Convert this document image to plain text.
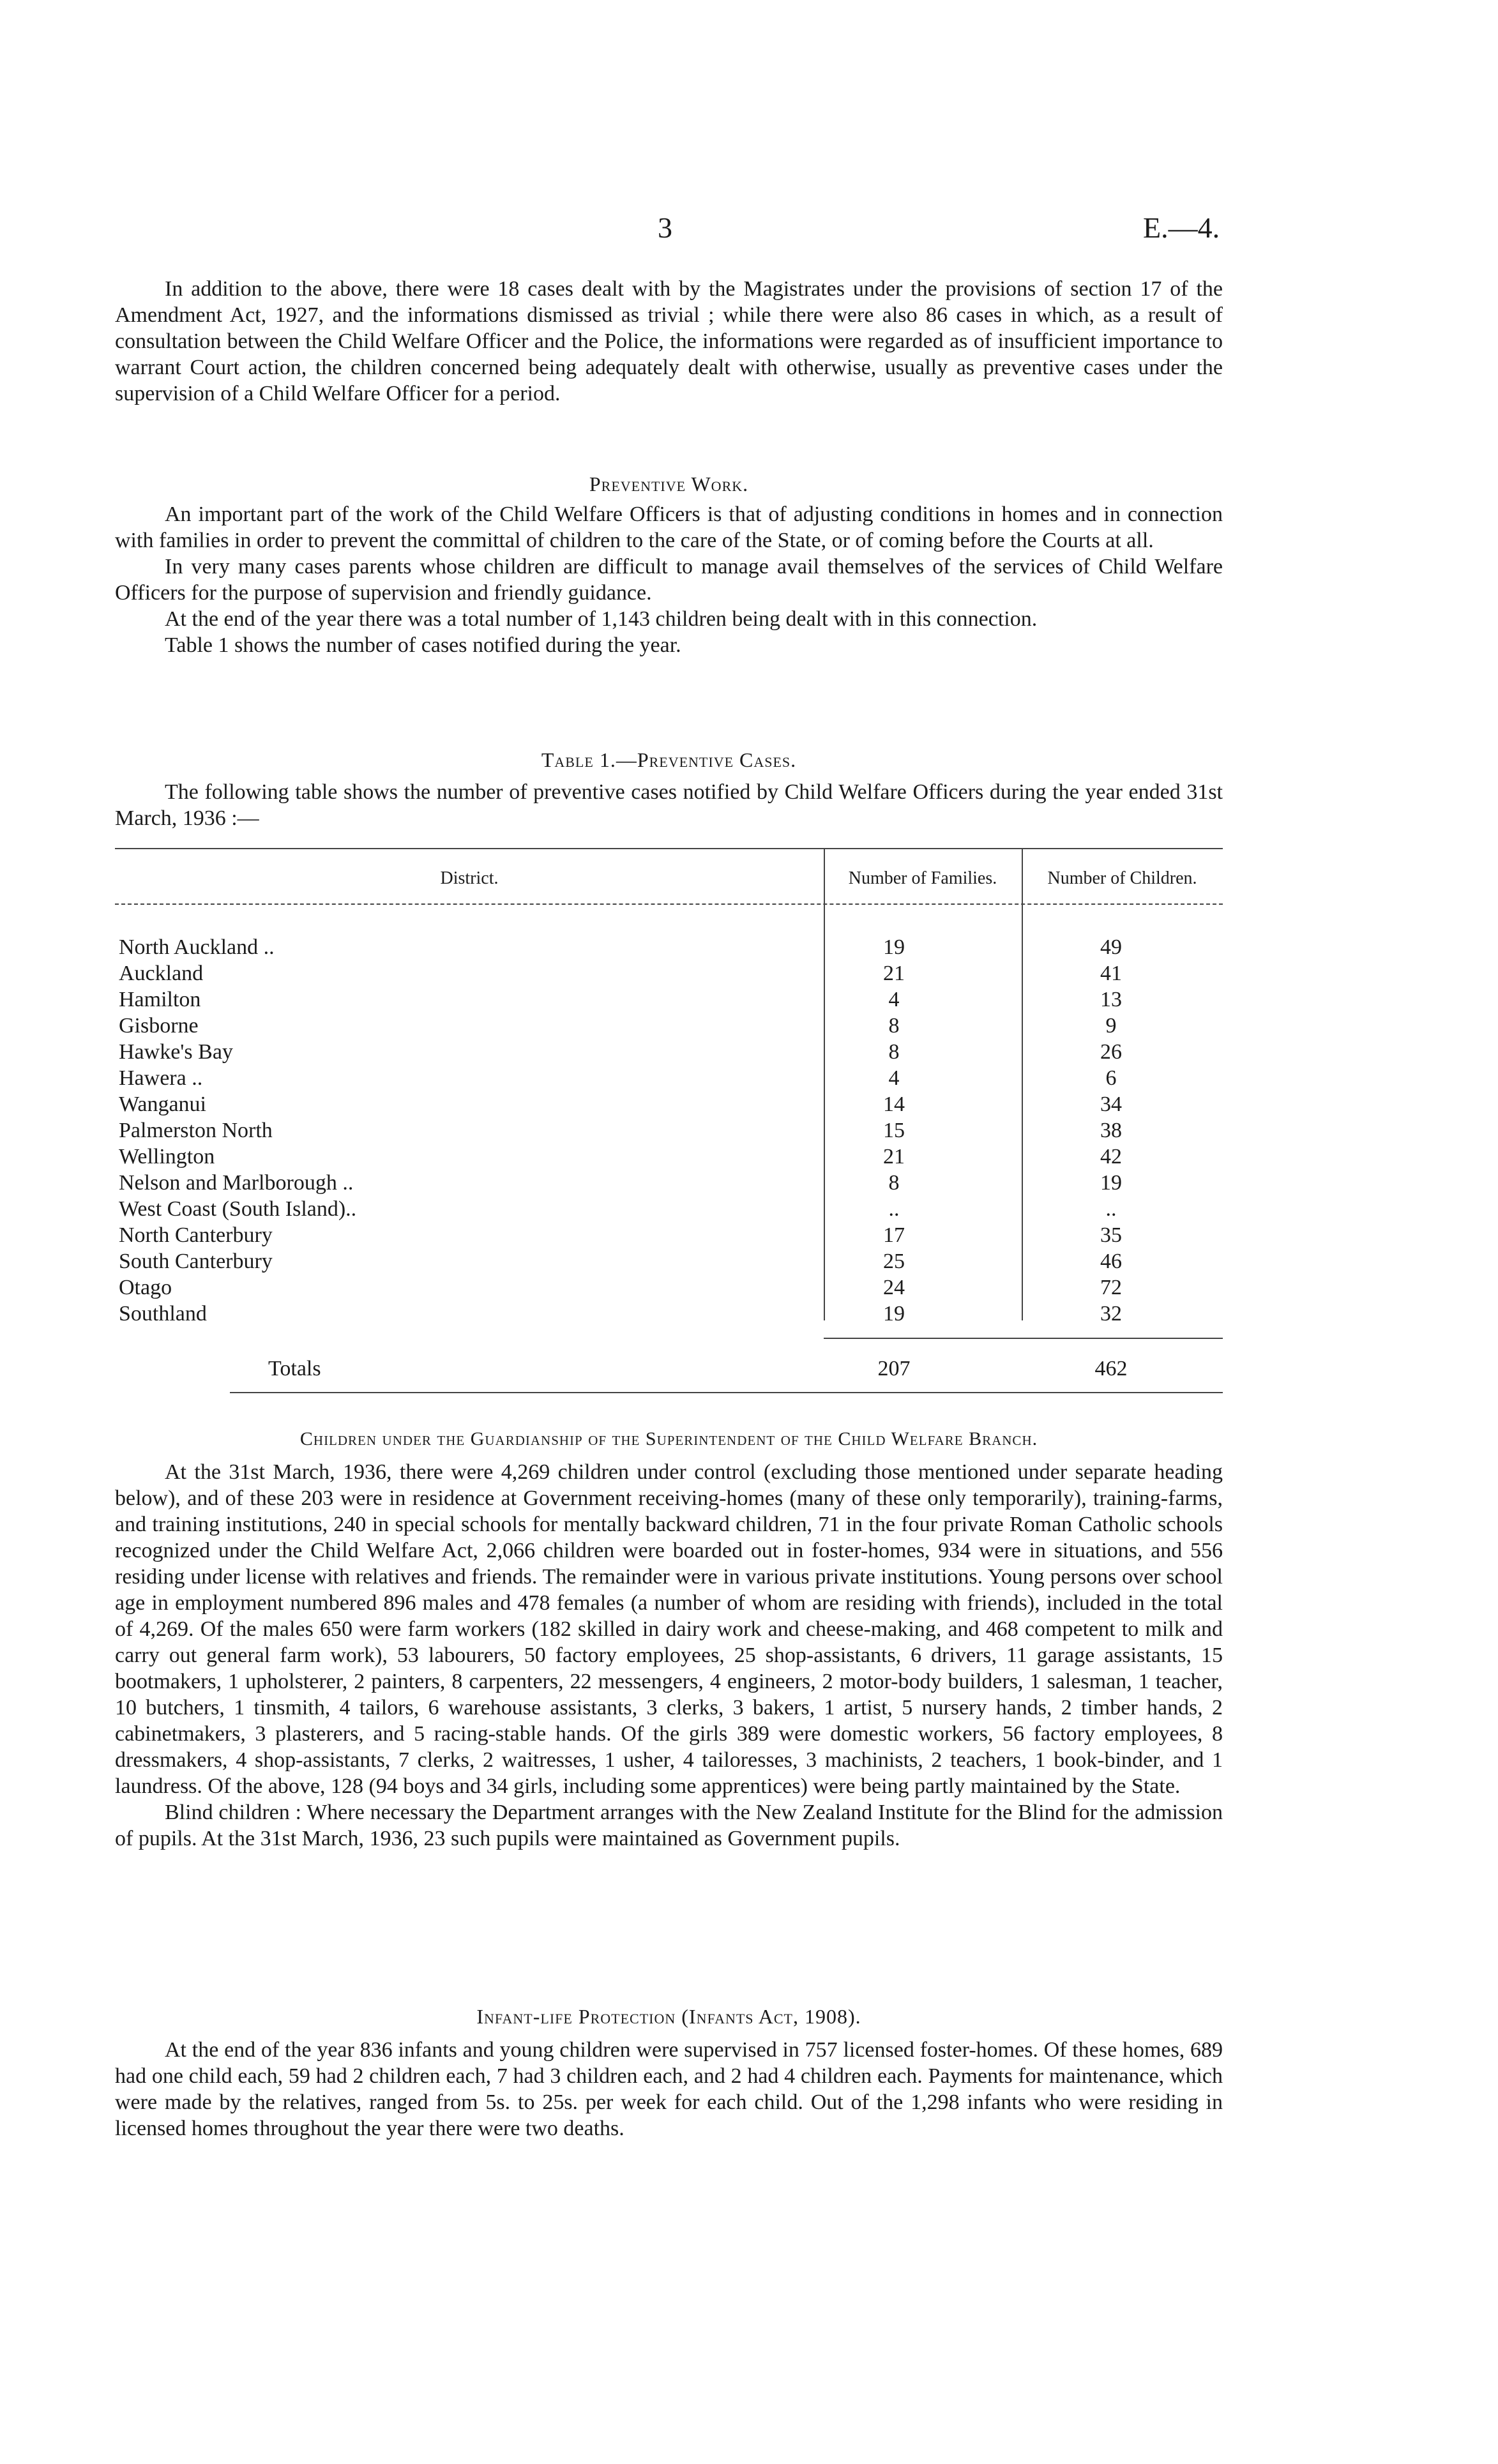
3	E.—4.

In addition to the above, there were 18 cases dealt with by the Magistrates under the provisions of section 17 of the Amendment Act, 1927, and the informations dismissed as trivial ; while there were also 86 cases in which, as a result of consultation between the Child Welfare Officer and the Police, the informations were regarded as of insufficient importance to warrant Court action, the children concerned being adequately dealt with otherwise, usually as preventive cases under the supervision of a Child Welfare Officer for a period.

Preventive Work.

An important part of the work of the Child Welfare Officers is that of adjusting conditions in homes and in connection with families in order to prevent the committal of children to the care of the State, or of coming before the Courts at all.

In very many cases parents whose children are difficult to manage avail themselves of the services of Child Welfare Officers for the purpose of supervision and friendly guidance.

At the end of the year there was a total number of 1,143 children being dealt with in this connection.

Table 1 shows the number of cases notified during the year.

Table 1.—Preventive Cases.

The following table shows the number of preventive cases notified by Child Welfare Officers during the year ended 31st March, 1936 :—

District.	Number of Families.	Number of Children.
North Auckland ..	19	49
Auckland	21	41
Hamilton	4	13
Gisborne	8	9
Hawke's Bay	8	26
Hawera ..	4	6
Wanganui	14	34
Palmerston North	15	38
Wellington	21	42
Nelson and Marlborough ..	8	19
West Coast (South Island)..	..	..
North Canterbury	17	35
South Canterbury	25	46
Otago	24	72
Southland	19	32
Totals	207	462
Children under the Guardianship of the Superintendent of the Child Welfare Branch.

At the 31st March, 1936, there were 4,269 children under control (excluding those mentioned under separate heading below), and of these 203 were in residence at Government receiving-homes (many of these only temporarily), training-farms, and training institutions, 240 in special schools for mentally backward children, 71 in the four private Roman Catholic schools recognized under the Child Welfare Act, 2,066 children were boarded out in foster-homes, 934 were in situations, and 556 residing under license with relatives and friends. The remainder were in various private institutions. Young persons over school age in employment numbered 896 males and 478 females (a number of whom are residing with friends), included in the total of 4,269. Of the males 650 were farm workers (182 skilled in dairy work and cheese-making, and 468 competent to milk and carry out general farm work), 53 labourers, 50 factory employees, 25 shop-assistants, 6 drivers, 11 garage assistants, 15 bootmakers, 1 upholsterer, 2 painters, 8 carpenters, 22 messengers, 4 engineers, 2 motor-body builders, 1 salesman, 1 teacher, 10 butchers, 1 tinsmith, 4 tailors, 6 warehouse assistants, 3 clerks, 3 bakers, 1 artist, 5 nursery hands, 2 timber hands, 2 cabinetmakers, 3 plasterers, and 5 racing-stable hands. Of the girls 389 were domestic workers, 56 factory employees, 8 dressmakers, 4 shop-assistants, 7 clerks, 2 waitresses, 1 usher, 4 tailoresses, 3 machinists, 2 teachers, 1 book-binder, and 1 laundress. Of the above, 128 (94 boys and 34 girls, including some apprentices) were being partly maintained by the State.

Blind children : Where necessary the Department arranges with the New Zealand Institute for the Blind for the admission of pupils. At the 31st March, 1936, 23 such pupils were maintained as Government pupils.

Infant-life Protection (Infants Act, 1908).

At the end of the year 836 infants and young children were supervised in 757 licensed foster-homes. Of these homes, 689 had one child each, 59 had 2 children each, 7 had 3 children each, and 2 had 4 children each. Payments for maintenance, which were made by the relatives, ranged from 5s. to 25s. per week for each child. Out of the 1,298 infants who were residing in licensed homes throughout the year there were two deaths.
